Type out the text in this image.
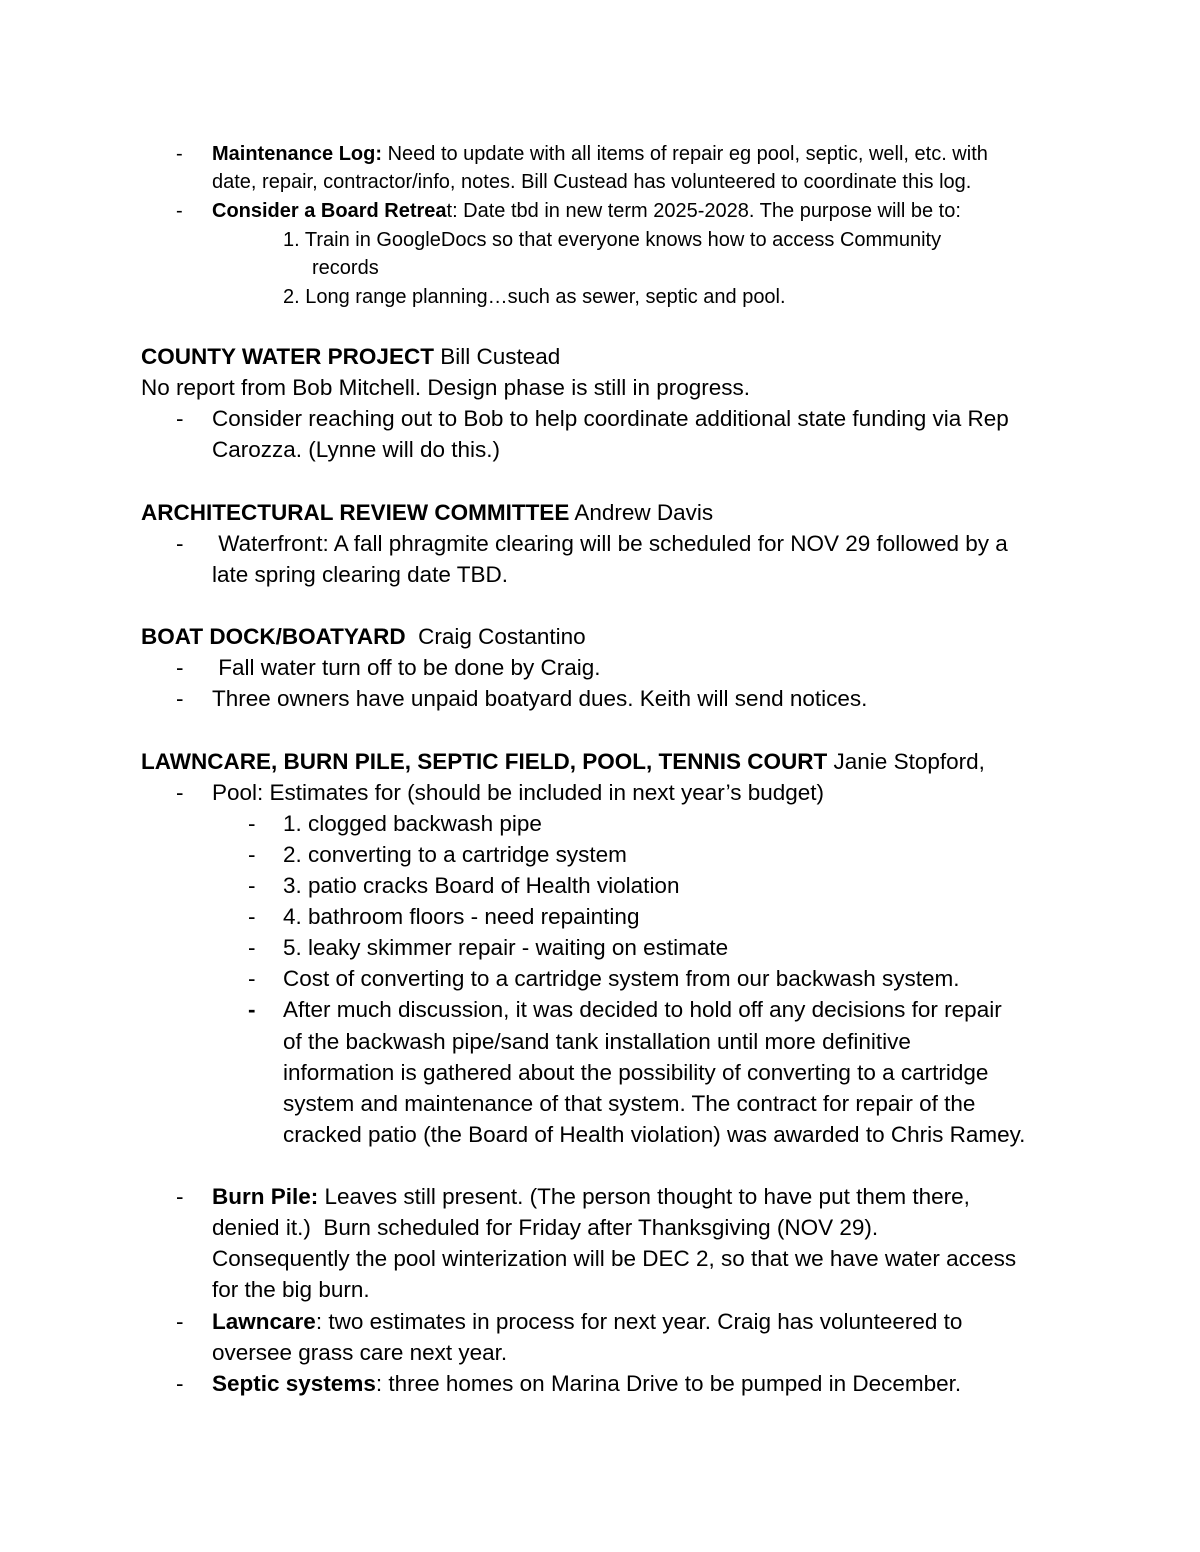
- Maintenance Log: Need to update with all items of repair eg pool, septic, well, etc. with
date, repair, contractor/info, notes. Bill Custead has volunteered to coordinate this log.
- Consider a Board Retreat: Date tbd in new term 2025-2028. The purpose will be to:
1. Train in GoogleDocs so that everyone knows how to access Community
records
2. Long range planning…such as sewer, septic and pool.
COUNTY WATER PROJECT Bill Custead
No report from Bob Mitchell. Design phase is still in progress.
- Consider reaching out to Bob to help coordinate additional state funding via Rep
Carozza. (Lynne will do this.)
ARCHITECTURAL REVIEW COMMITTEE Andrew Davis
- Waterfront: A fall phragmite clearing will be scheduled for NOV 29 followed by a
late spring clearing date TBD.
BOAT DOCK/BOATYARD  Craig Costantino
- Fall water turn off to be done by Craig.
- Three owners have unpaid boatyard dues. Keith will send notices.
LAWNCARE, BURN PILE, SEPTIC FIELD, POOL, TENNIS COURT Janie Stopford,
- Pool: Estimates for (should be included in next year’s budget)
- 1. clogged backwash pipe
- 2. converting to a cartridge system
- 3. patio cracks Board of Health violation
- 4. bathroom floors - need repainting
- 5. leaky skimmer repair - waiting on estimate
- Cost of converting to a cartridge system from our backwash system.
- After much discussion, it was decided to hold off any decisions for repair
of the backwash pipe/sand tank installation until more definitive
information is gathered about the possibility of converting to a cartridge
system and maintenance of that system. The contract for repair of the
cracked patio (the Board of Health violation) was awarded to Chris Ramey.
- Burn Pile: Leaves still present. (The person thought to have put them there,
denied it.)  Burn scheduled for Friday after Thanksgiving (NOV 29).
Consequently the pool winterization will be DEC 2, so that we have water access
for the big burn.
- Lawncare: two estimates in process for next year. Craig has volunteered to
oversee grass care next year.
- Septic systems: three homes on Marina Drive to be pumped in December.
